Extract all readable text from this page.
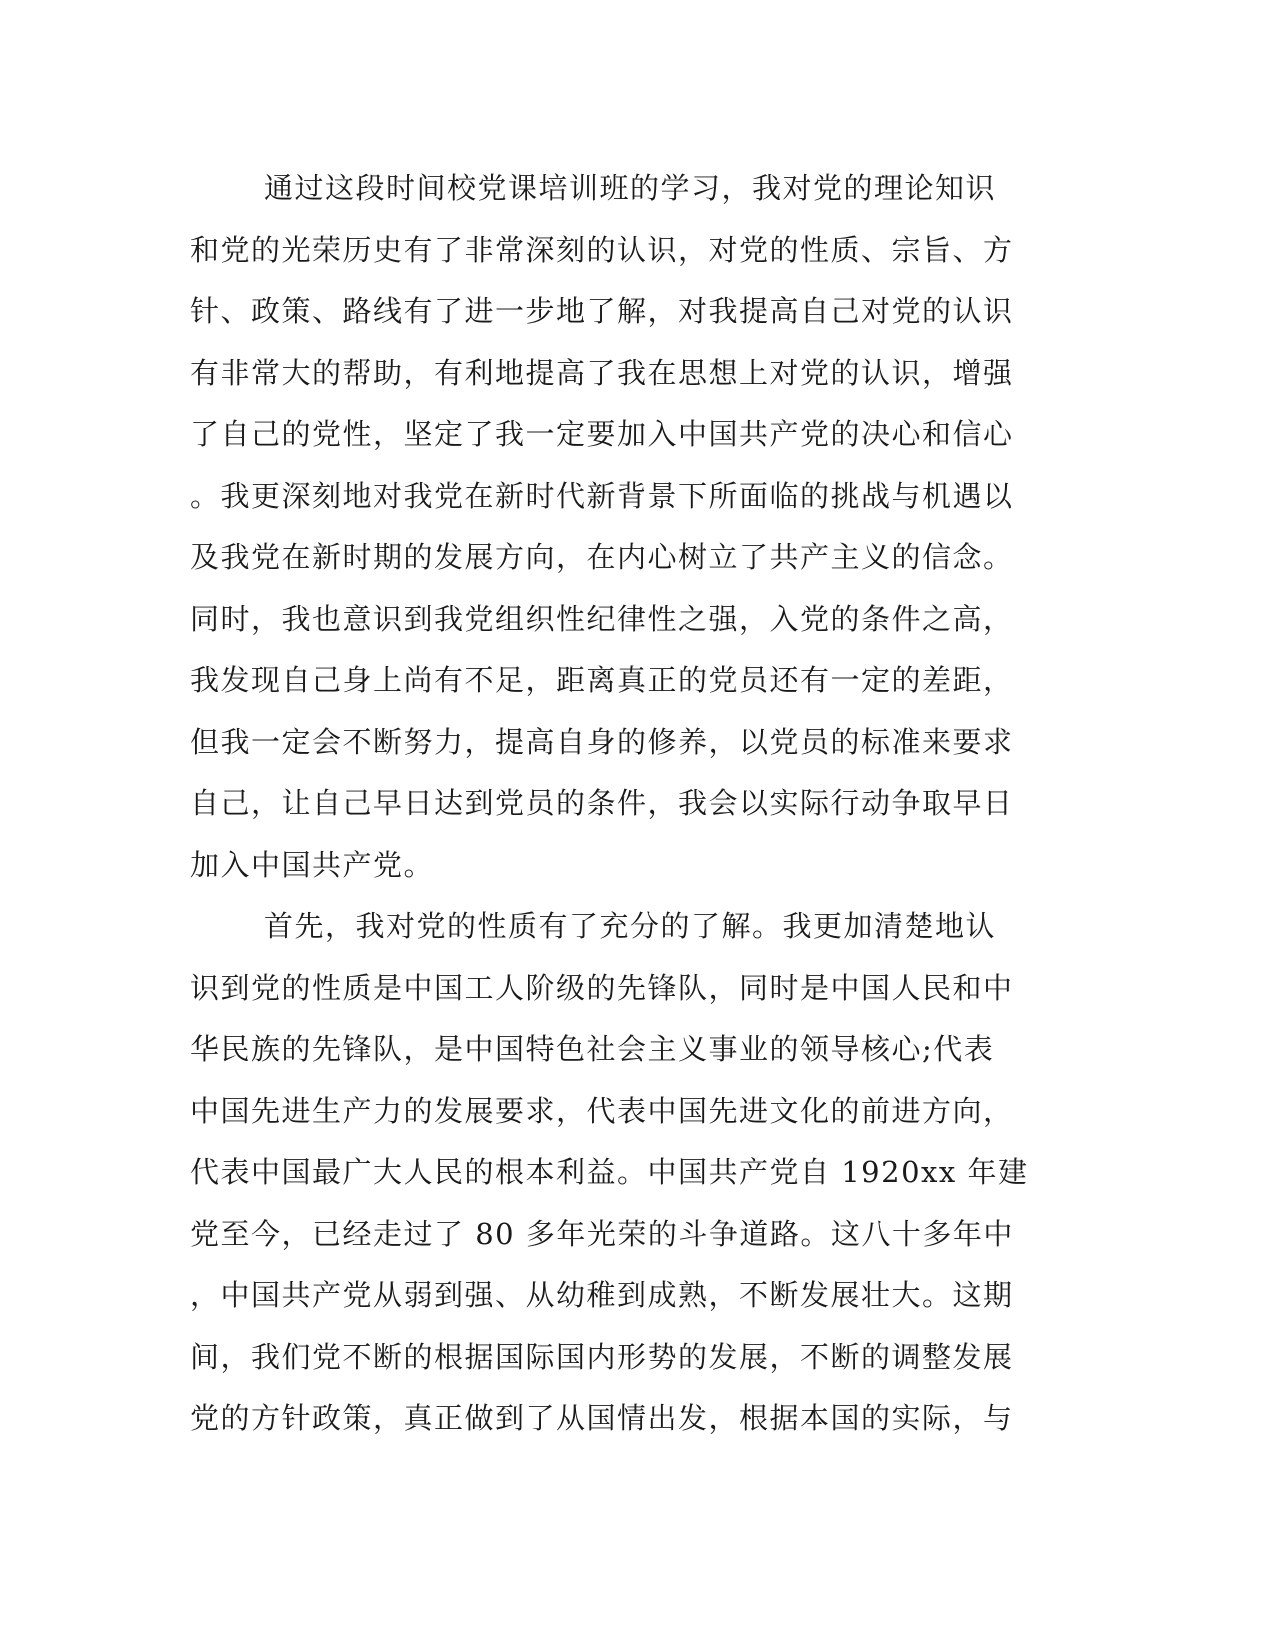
通过这段时间校党课培训班的学习，我对党的理论知识
和党的光荣历史有了非常深刻的认识，对党的性质、宗旨、方
针、政策、路线有了进一步地了解，对我提高自己对党的认识
有非常大的帮助，有利地提高了我在思想上对党的认识，增强
了自己的党性，坚定了我一定要加入中国共产党的决心和信心
。我更深刻地对我党在新时代新背景下所面临的挑战与机遇以
及我党在新时期的发展方向，在内心树立了共产主义的信念。
同时，我也意识到我党组织性纪律性之强，入党的条件之高，
我发现自己身上尚有不足，距离真正的党员还有一定的差距，
但我一定会不断努力，提高自身的修养，以党员的标准来要求
自己，让自己早日达到党员的条件，我会以实际行动争取早日
加入中国共产党。
首先，我对党的性质有了充分的了解。我更加清楚地认
识到党的性质是中国工人阶级的先锋队，同时是中国人民和中
华民族的先锋队，是中国特色社会主义事业的领导核心;代表
中国先进生产力的发展要求，代表中国先进文化的前进方向，
代表中国最广大人民的根本利益。中国共产党自 1920xx 年建
党至今，已经走过了 80 多年光荣的斗争道路。这八十多年中
，中国共产党从弱到强、从幼稚到成熟，不断发展壮大。这期
间，我们党不断的根据国际国内形势的发展，不断的调整发展
党的方针政策，真正做到了从国情出发，根据本国的实际，与
